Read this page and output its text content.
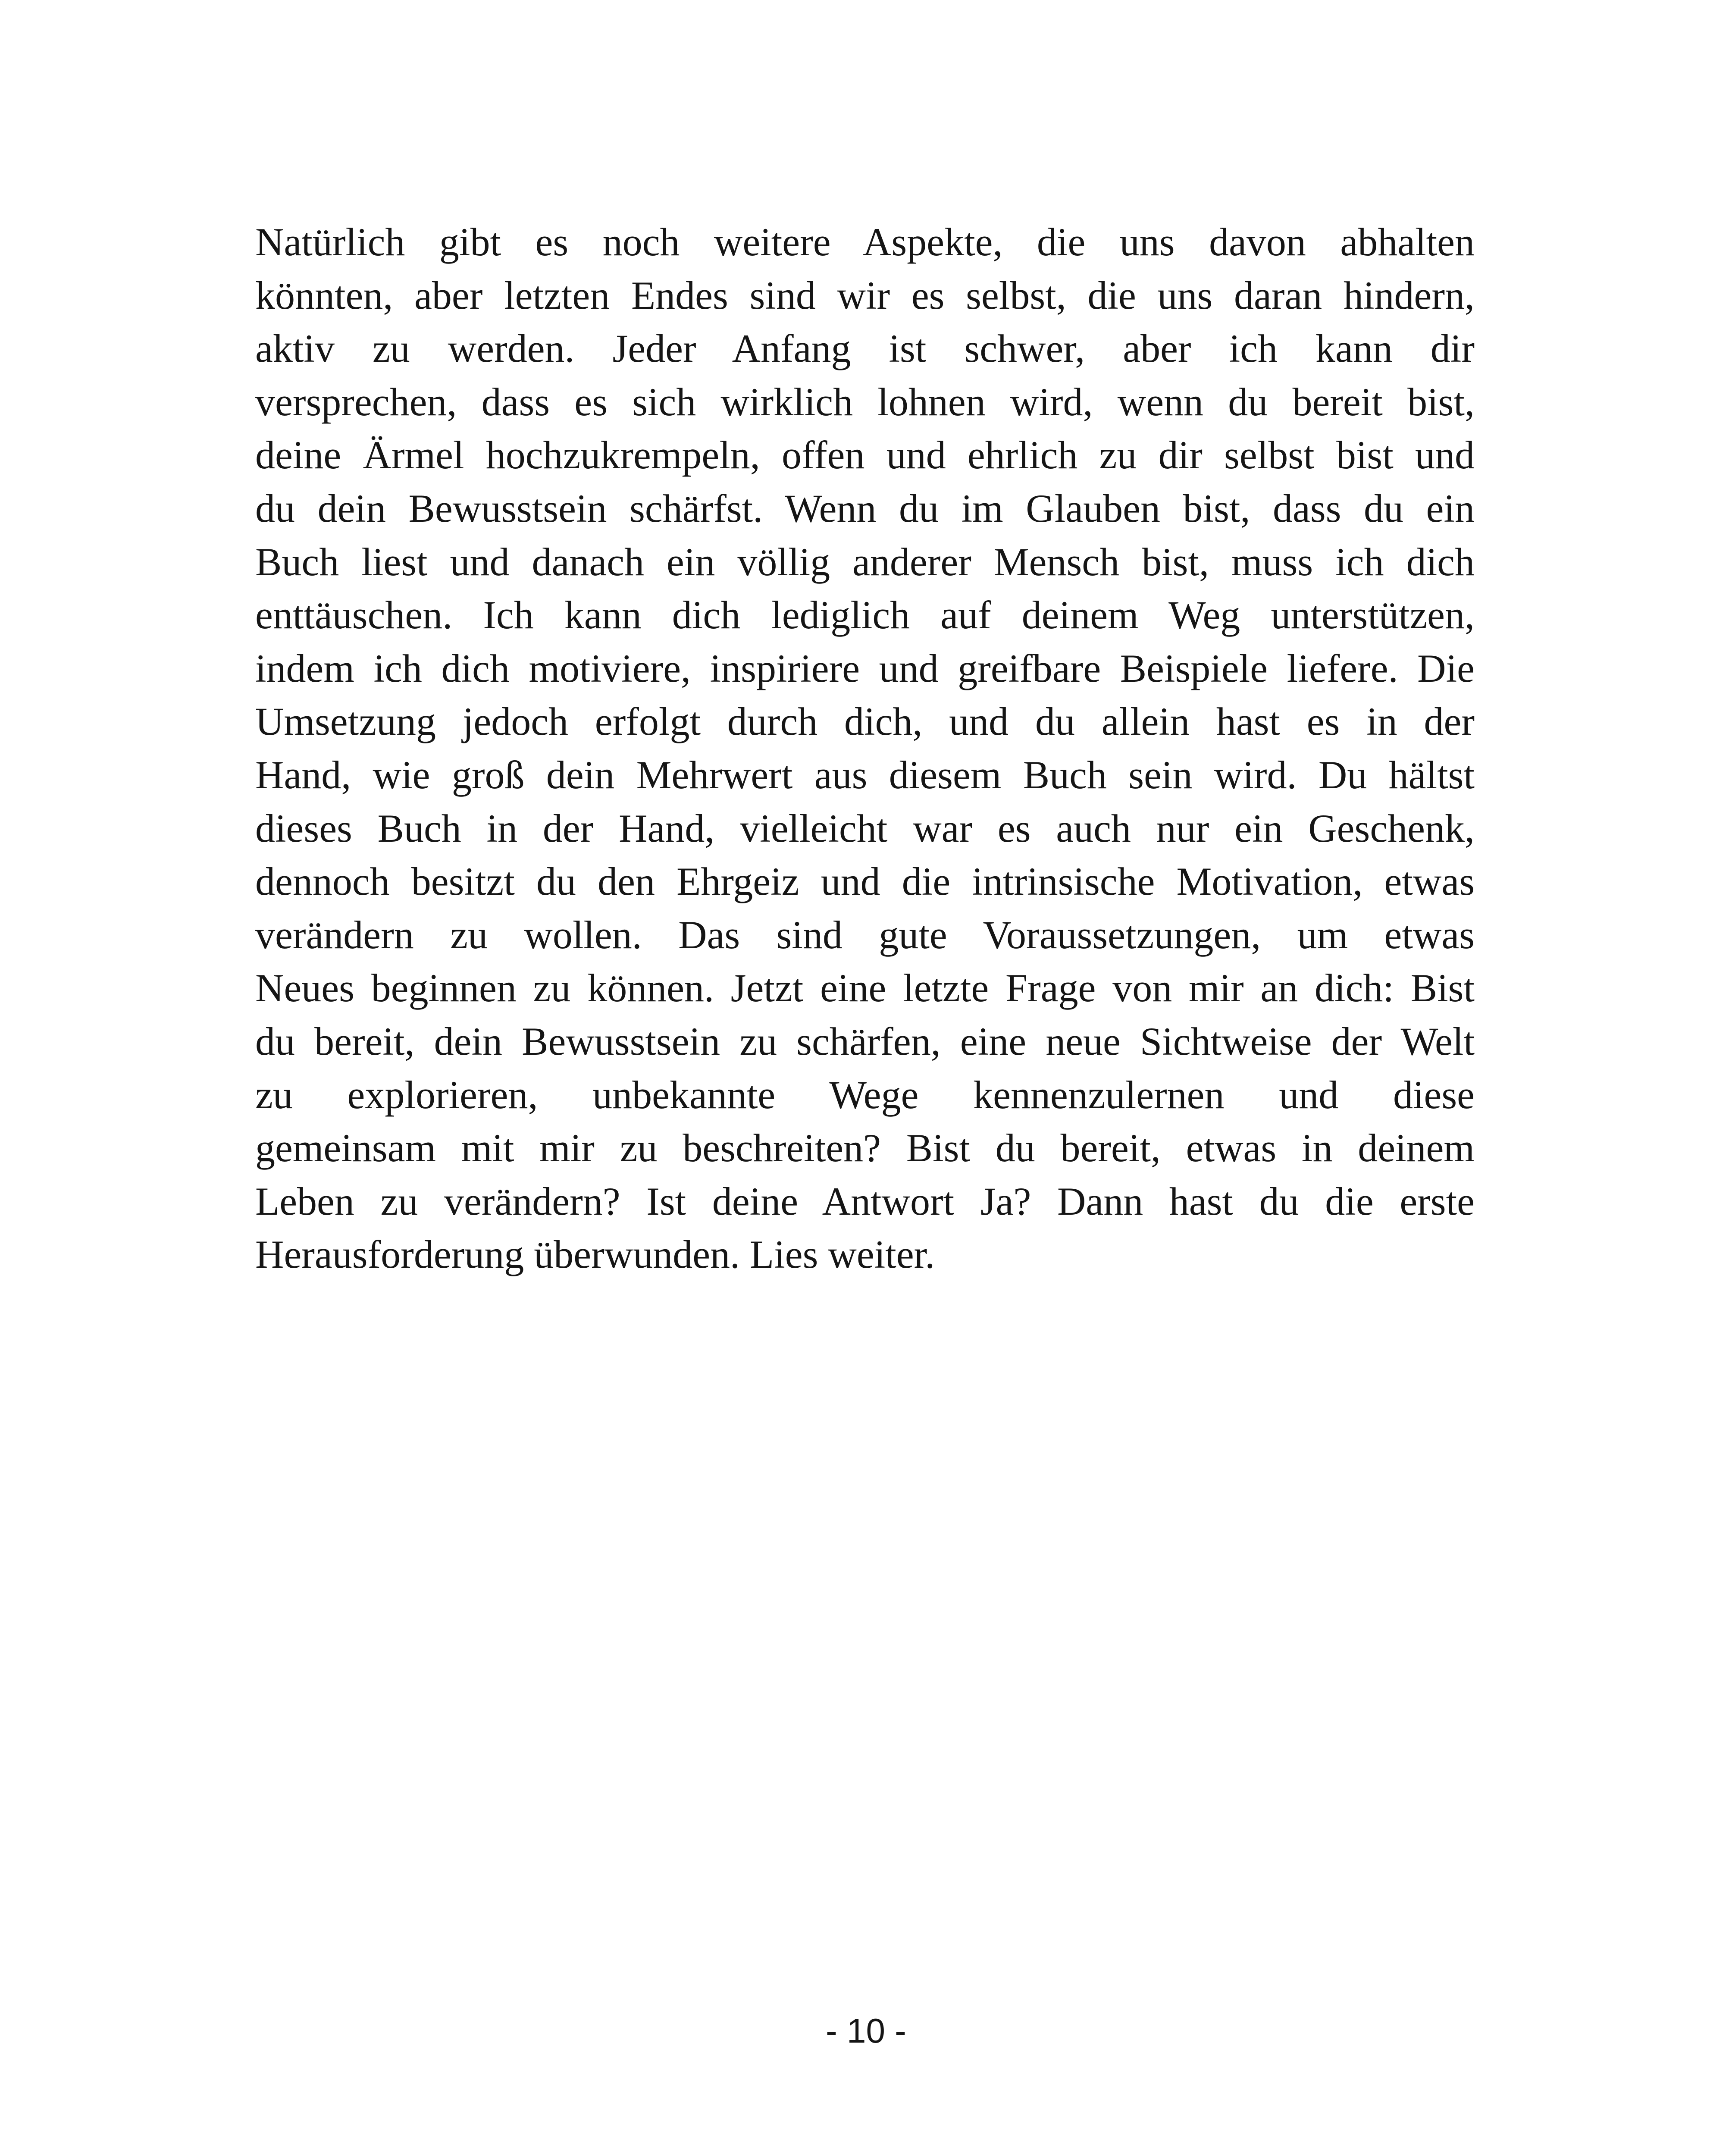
Natürlich gibt es noch weitere Aspekte, die uns davon abhalten
könnten, aber letzten Endes sind wir es selbst, die uns daran hindern,
aktiv zu werden. Jeder Anfang ist schwer, aber ich kann dir
versprechen, dass es sich wirklich lohnen wird, wenn du bereit bist,
deine Ärmel hochzukrempeln, offen und ehrlich zu dir selbst bist und
du dein Bewusstsein schärfst. Wenn du im Glauben bist, dass du ein
Buch liest und danach ein völlig anderer Mensch bist, muss ich dich
enttäuschen. Ich kann dich lediglich auf deinem Weg unterstützen,
indem ich dich motiviere, inspiriere und greifbare Beispiele liefere. Die
Umsetzung jedoch erfolgt durch dich, und du allein hast es in der
Hand, wie groß dein Mehrwert aus diesem Buch sein wird. Du hältst
dieses Buch in der Hand, vielleicht war es auch nur ein Geschenk,
dennoch besitzt du den Ehrgeiz und die intrinsische Motivation, etwas
verändern zu wollen. Das sind gute Voraussetzungen, um etwas
Neues beginnen zu können. Jetzt eine letzte Frage von mir an dich: Bist
du bereit, dein Bewusstsein zu schärfen, eine neue Sichtweise der Welt
zu explorieren, unbekannte Wege kennenzulernen und diese
gemeinsam mit mir zu beschreiten? Bist du bereit, etwas in deinem
Leben zu verändern? Ist deine Antwort Ja? Dann hast du die erste
Herausforderung überwunden. Lies weiter.

- 10 -
